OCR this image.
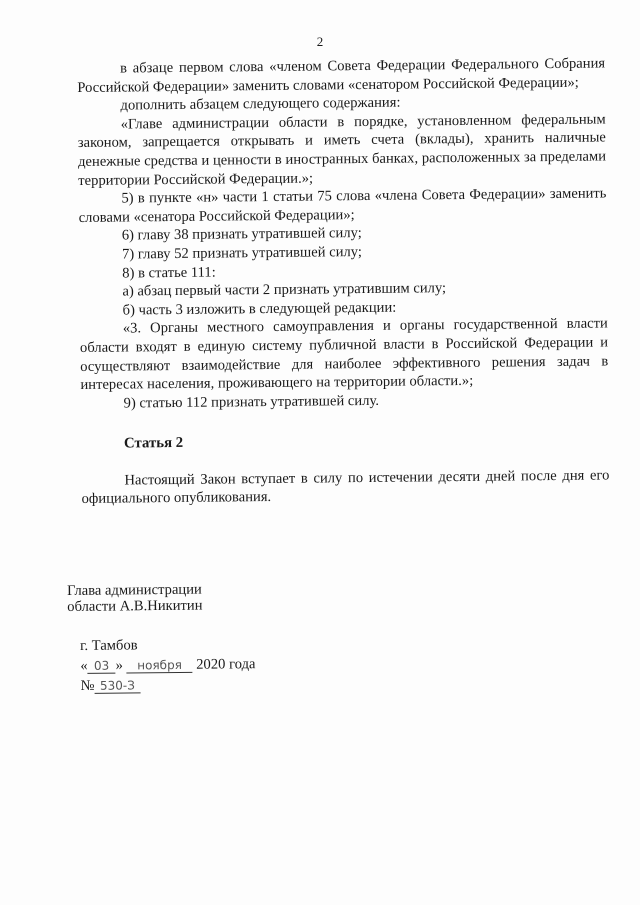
2

в абзаце первом слова «членом Совета Федерации Федерального Собрания Российской Федерации» заменить словами «сенатором Российской Федерации»;

дополнить абзацем следующего содержания:

«Главе администрации области в порядке, установленном федеральным законом, запрещается открывать и иметь счета (вклады), хранить наличные денежные средства и ценности в иностранных банках, расположенных за пределами территории Российской Федерации.»;

5) в пункте «н» части 1 статьи 75 слова «члена Совета Федерации» заменить словами «сенатора Российской Федерации»;

6) главу 38 признать утратившей силу;

7) главу 52 признать утратившей силу;

8) в статье 111:

а) абзац первый части 2 признать утратившим силу;

б) часть 3 изложить в следующей редакции:

«3. Органы местного самоуправления и органы государственной власти области входят в единую систему публичной власти в Российской Федерации и осуществляют взаимодействие для наиболее эффективного решения задач в интересах населения, проживающего на территории области.»;

9) статью 112 признать утратившей силу.

Статья 2

Настоящий Закон вступает в силу по истечении десяти дней после дня его официального опубликования.

Глава администрации
области А.В.Никитин
г. Тамбов
« 03 » ноября 2020 года
№ 530-З
